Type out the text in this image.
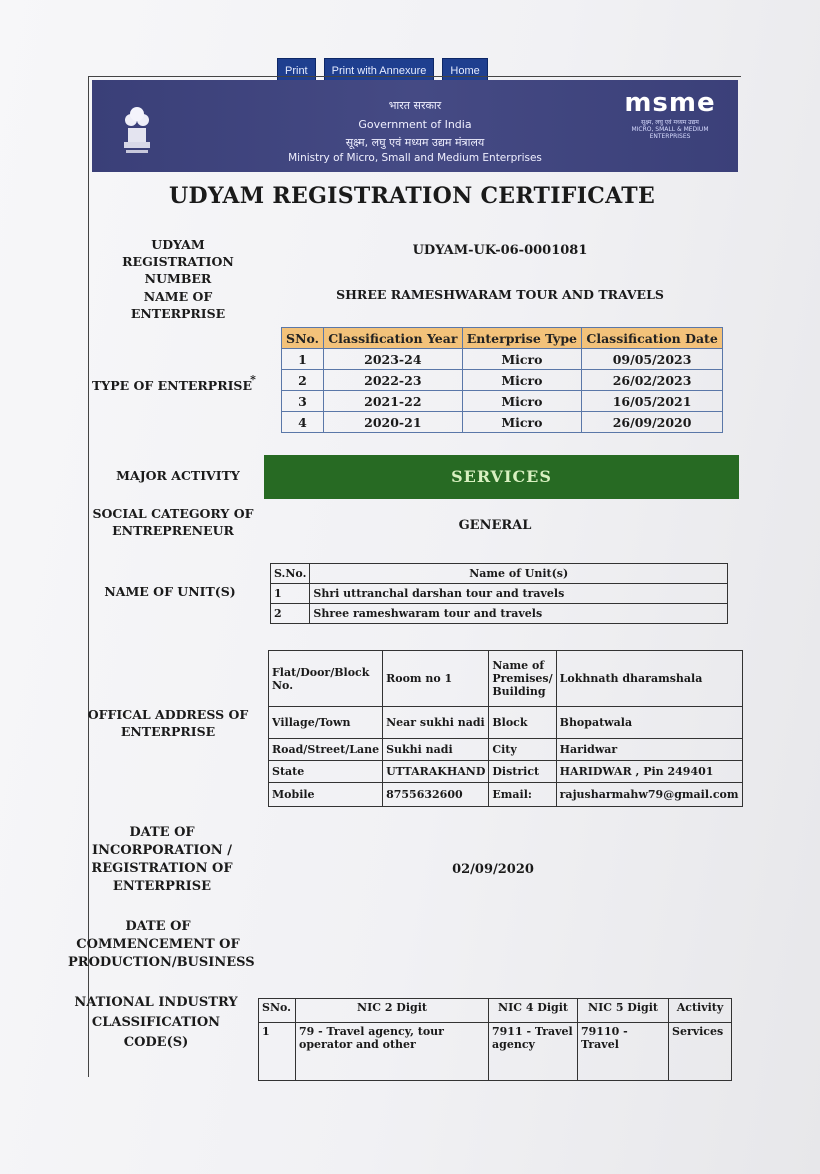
Print	Print with Annexure	Home
भारत सरकार
Government of India
सूक्ष्म, लघु एवं मध्यम उद्यम मंत्रालय
Ministry of Micro, Small and Medium Enterprises
msme
सूक्ष्म, लघु एवं मध्यम उद्यम
MICRO, SMALL & MEDIUM ENTERPRISES
UDYAM REGISTRATION CERTIFICATE
UDYAM REGISTRATION NUMBER
UDYAM-UK-06-0001081
NAME OF ENTERPRISE
SHREE RAMESHWARAM TOUR AND TRAVELS
TYPE OF ENTERPRISE
*
SNo.	Classification Year	Enterprise Type	Classification Date
1	2023-24	Micro	09/05/2023
2	2022-23	Micro	26/02/2023
3	2021-22	Micro	16/05/2021
4	2020-21	Micro	26/09/2020
MAJOR ACTIVITY	SERVICES
SOCIAL CATEGORY OF ENTREPRENEUR	GENERAL
NAME OF UNIT(S)
S.No.	Name of Unit(s)
1	Shri uttranchal darshan tour and travels
2	Shree rameshwaram tour and travels
OFFICAL ADDRESS OF ENTERPRISE
Flat/Door/Block No.	Room no 1	Name of Premises/ Building	Lokhnath dharamshala
Village/Town	Near sukhi nadi	Block	Bhopatwala
Road/Street/Lane	Sukhi nadi	City	Haridwar
State	UTTARAKHAND	District	HARIDWAR , Pin 249401
Mobile	8755632600	Email:	rajusharmahw79@gmail.com
DATE OF INCORPORATION / REGISTRATION OF ENTERPRISE
02/09/2020
DATE OF COMMENCEMENT OF PRODUCTION/BUSINESS
NATIONAL INDUSTRY CLASSIFICATION CODE(S)
SNo.	NIC 2 Digit	NIC 4 Digit	NIC 5 Digit	Activity
1	79 - Travel agency, tour operator and other	7911 - Travel agency	79110 - Travel	Services
